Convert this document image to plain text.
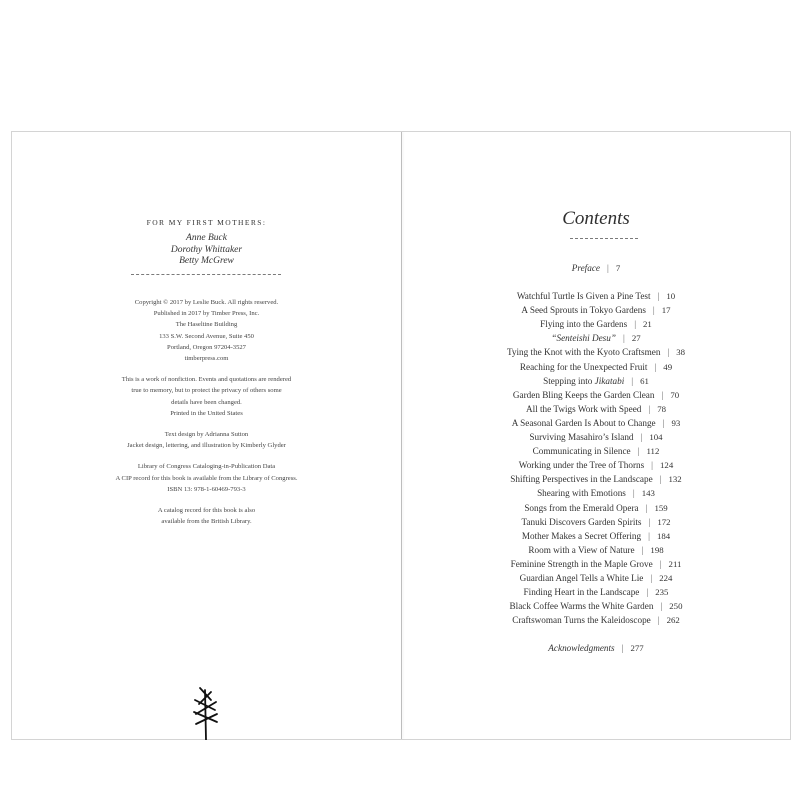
FOR MY FIRST MOTHERS:
Anne Buck
Dorothy Whittaker
Betty McGrew
Copyright © 2017 by Leslie Buck. All rights reserved.
Published in 2017 by Timber Press, Inc.
The Haseltine Building
133 S.W. Second Avenue, Suite 450
Portland, Oregon 97204-3527
timberpress.com
This is a work of nonfiction. Events and quotations are rendered
true to memory, but to protect the privacy of others some
details have been changed.
Printed in the United States
Text design by Adrianna Sutton
Jacket design, lettering, and illustration by Kimberly Glyder
Library of Congress Cataloging-in-Publication Data
A CIP record for this book is available from the Library of Congress.
ISBN 13: 978-1-60469-793-3
A catalog record for this book is also
available from the British Library.
Contents
Preface | 7
Watchful Turtle Is Given a Pine Test | 10
A Seed Sprouts in Tokyo Gardens | 17
Flying into the Gardens | 21
“Senteishi Desu” | 27
Tying the Knot with the Kyoto Craftsmen | 38
Reaching for the Unexpected Fruit | 49
Stepping into Jikatabi | 61
Garden Bling Keeps the Garden Clean | 70
All the Twigs Work with Speed | 78
A Seasonal Garden Is About to Change | 93
Surviving Masahiro’s Island | 104
Communicating in Silence | 112
Working under the Tree of Thorns | 124
Shifting Perspectives in the Landscape | 132
Shearing with Emotions | 143
Songs from the Emerald Opera | 159
Tanuki Discovers Garden Spirits | 172
Mother Makes a Secret Offering | 184
Room with a View of Nature | 198
Feminine Strength in the Maple Grove | 211
Guardian Angel Tells a White Lie | 224
Finding Heart in the Landscape | 235
Black Coffee Warms the White Garden | 250
Craftswoman Turns the Kaleidoscope | 262
Acknowledgments | 277
